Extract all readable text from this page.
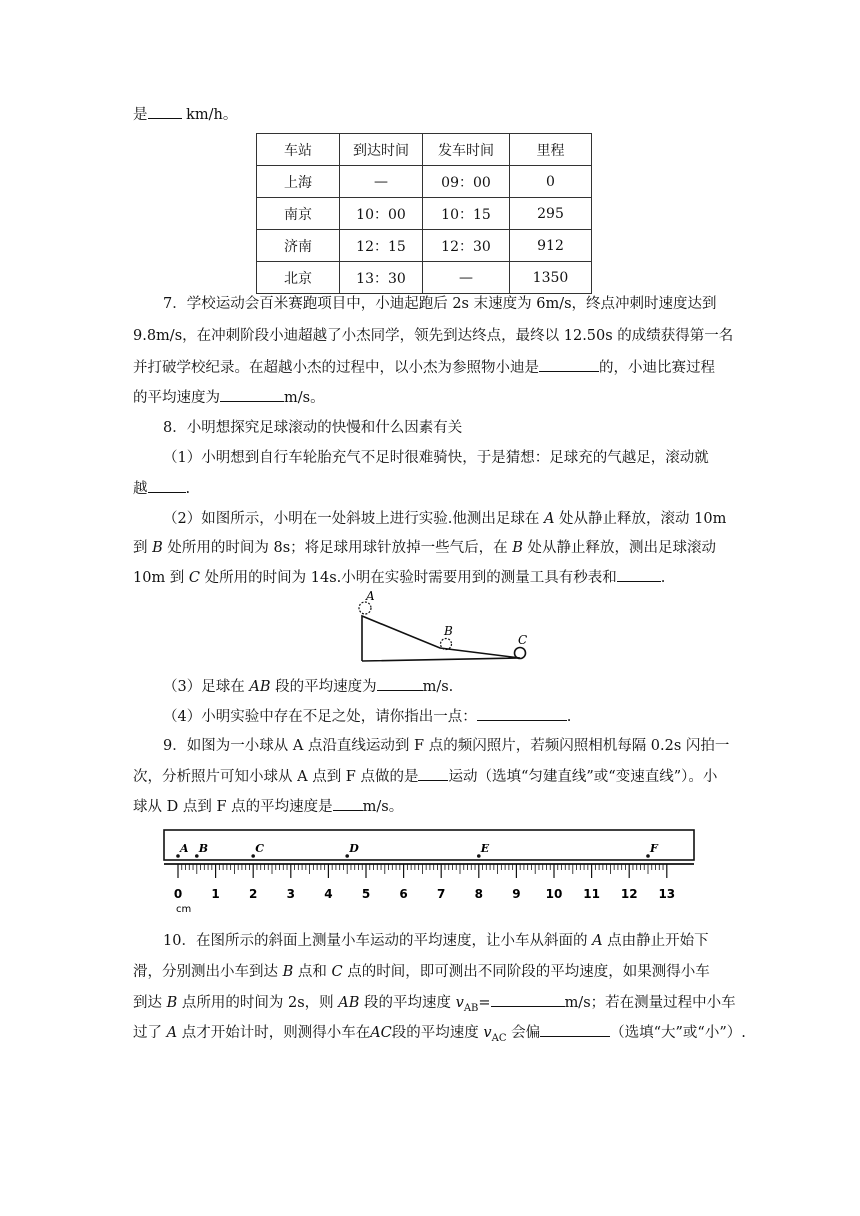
是 km/h。
车站	到达时间	发车时间	里程
上海	—	09：00	0
南京	10：00	10：15	295
济南	12：15	12：30	912
北京	13：30	—	1350
7．学校运动会百米赛跑项目中，小迪起跑后 2s 末速度为 6m/s，终点冲刺时速度达到
9.8m/s，在冲刺阶段小迪超越了小杰同学，领先到达终点，最终以 12.50s 的成绩获得第一名
并打破学校纪录。在超越小杰的过程中，以小杰为参照物小迪是	的，小迪比赛过程
的平均速度为	m/s。
8．小明想探究足球滚动的快慢和什么因素有关
（1）小明想到自行车轮胎充气不足时很难骑快，于是猜想：足球充的气越足，滚动就
越	.
（2）如图所示，小明在一处斜坡上进行实验.他测出足球在 A 处从静止释放，滚动 10m
到 B 处所用的时间为 8s；将足球用球针放掉一些气后，在 B 处从静止释放，测出足球滚动
10m 到 C 处所用的时间为 14s.小明在实验时需要用到的测量工具有秒表和	.
A
B
C
（3）足球在 AB 段的平均速度为	m/s.
（4）小明实验中存在不足之处，请你指出一点：	.
9．如图为一小球从 A 点沿直线运动到 F 点的频闪照片，若频闪照相机每隔 0.2s 闪拍一
次，分析照片可知小球从 A 点到 F 点做的是 运动（选填“匀建直线”或“变速直线”）。小
球从 D 点到 F 点的平均速度是 m/s。
0 1 2 3 4 5 6 7 8 9 10 11 12 13
A B	C	D	E	F
cm
10．在图所示的斜面上测量小车运动的平均速度，让小车从斜面的 A 点由静止开始下
滑，分别测出小车到达 B 点和 C 点的时间，即可测出不同阶段的平均速度，如果测得小车
到达 B 点所用的时间为 2s，则 AB 段的平均速度 $v_{AB}=$	m/s；若在测量过程中小车
过了 A 点才开始计时，则测得小车在AC段的平均速度 $v_{AC}$ 会偏	（选填“大”或“小”）.
